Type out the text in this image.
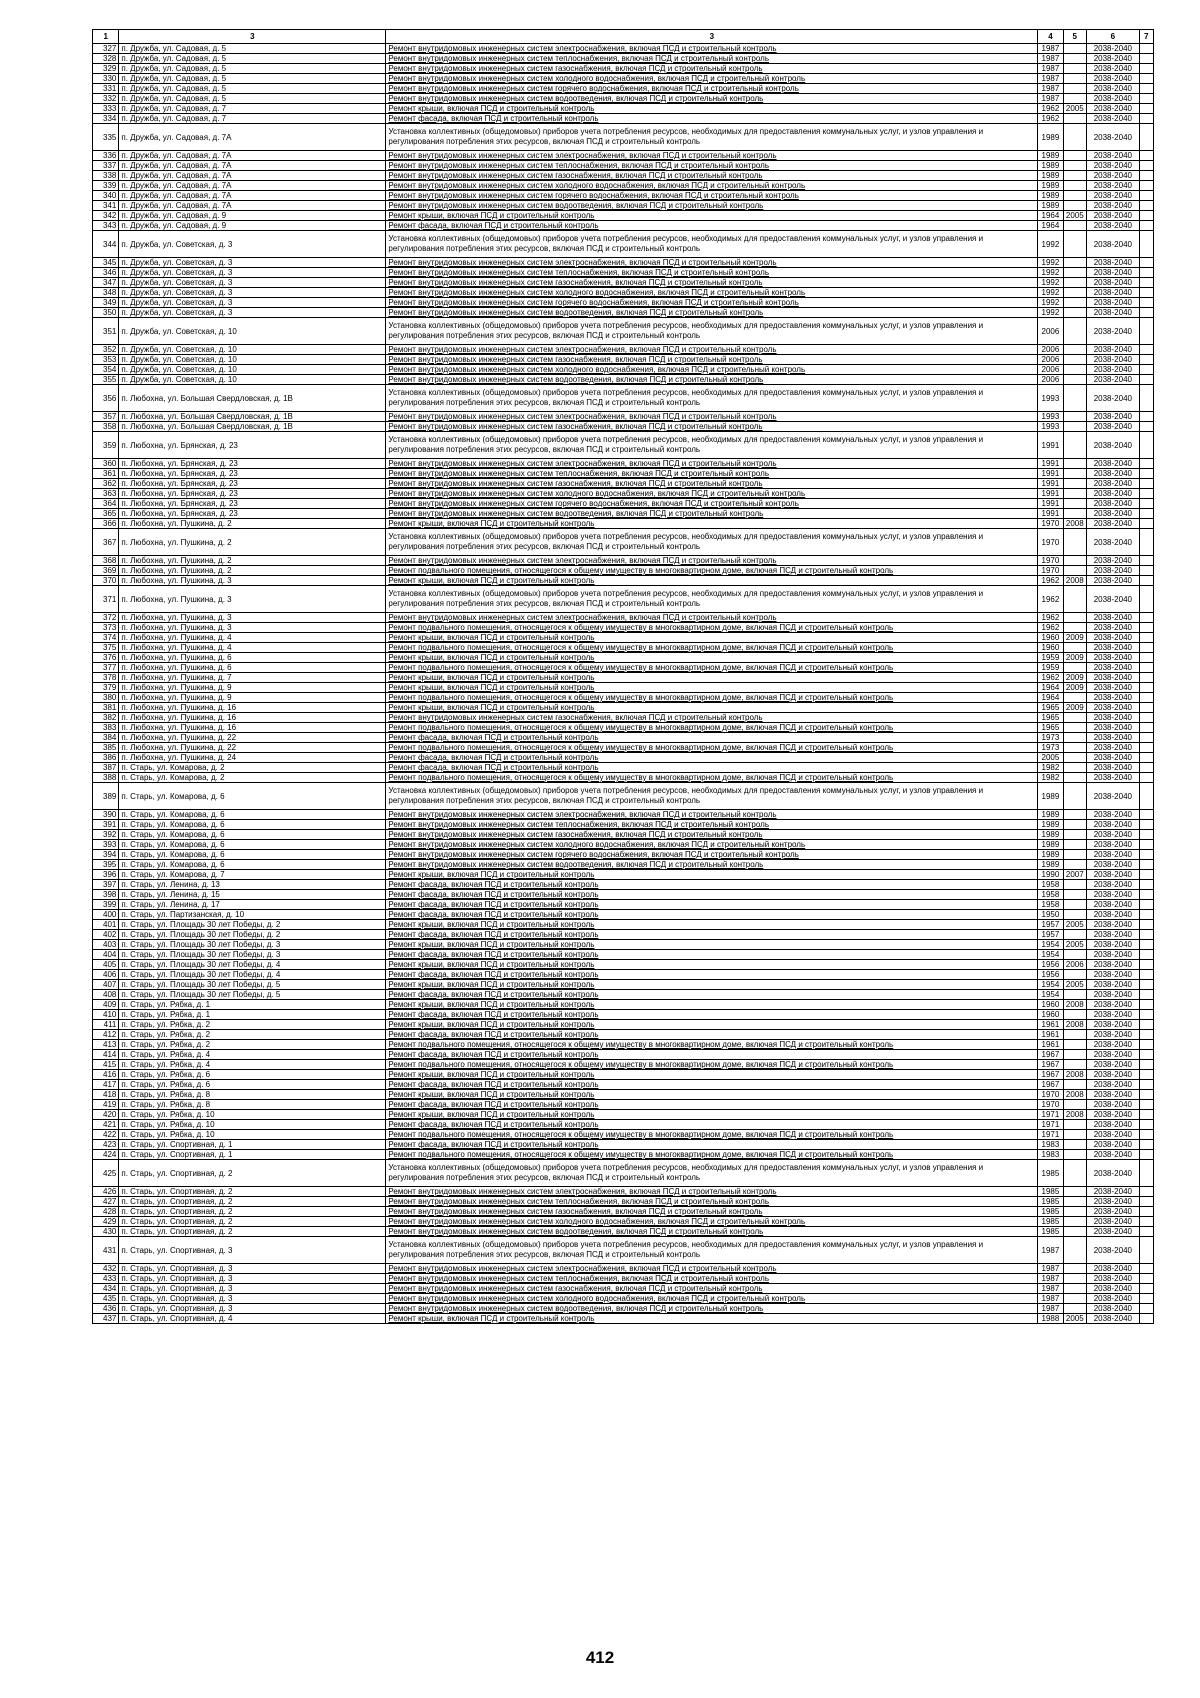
1	3	3	4	5	6	7
327	п. Дружба, ул. Садовая, д. 5	Ремонт внутридомовых инженерных систем электроснабжения, включая ПСД и строительный контроль	1987		2038-2040	
328	п. Дружба, ул. Садовая, д. 5	Ремонт внутридомовых инженерных систем теплоснабжения, включая ПСД и строительный контроль	1987		2038-2040	
329	п. Дружба, ул. Садовая, д. 5	Ремонт внутридомовых инженерных систем газоснабжения, включая ПСД и строительный контроль	1987		2038-2040	
330	п. Дружба, ул. Садовая, д. 5	Ремонт внутридомовых инженерных систем холодного водоснабжения, включая ПСД и строительный контроль	1987		2038-2040	
331	п. Дружба, ул. Садовая, д. 5	Ремонт внутридомовых инженерных систем горячего водоснабжения, включая ПСД и строительный контроль	1987		2038-2040	
332	п. Дружба, ул. Садовая, д. 5	Ремонт внутридомовых инженерных систем водоотведения, включая ПСД и строительный контроль	1987		2038-2040	
333	п. Дружба, ул. Садовая, д. 7	Ремонт крыши, включая ПСД и строительный контроль	1962	2005	2038-2040	
334	п. Дружба, ул. Садовая, д. 7	Ремонт фасада, включая ПСД и строительный контроль	1962		2038-2040	
335	п. Дружба, ул. Садовая, д. 7А	Установка коллективных (общедомовых) приборов учета потребления ресурсов, необходимых для предоставления коммунальных услуг, и узлов управления и регулирования потребления этих ресурсов, включая ПСД и строительный контроль	1989		2038-2040	
336	п. Дружба, ул. Садовая, д. 7А	Ремонт внутридомовых инженерных систем электроснабжения, включая ПСД и строительный контроль	1989		2038-2040	
337	п. Дружба, ул. Садовая, д. 7А	Ремонт внутридомовых инженерных систем теплоснабжения, включая ПСД и строительный контроль	1989		2038-2040	
338	п. Дружба, ул. Садовая, д. 7А	Ремонт внутридомовых инженерных систем газоснабжения, включая ПСД и строительный контроль	1989		2038-2040	
339	п. Дружба, ул. Садовая, д. 7А	Ремонт внутридомовых инженерных систем холодного водоснабжения, включая ПСД и строительный контроль	1989		2038-2040	
340	п. Дружба, ул. Садовая, д. 7А	Ремонт внутридомовых инженерных систем горячего водоснабжения, включая ПСД и строительный контроль	1989		2038-2040	
341	п. Дружба, ул. Садовая, д. 7А	Ремонт внутридомовых инженерных систем водоотведения, включая ПСД и строительный контроль	1989		2038-2040	
342	п. Дружба, ул. Садовая, д. 9	Ремонт крыши, включая ПСД и строительный контроль	1964	2005	2038-2040	
343	п. Дружба, ул. Садовая, д. 9	Ремонт фасада, включая ПСД и строительный контроль	1964		2038-2040	
344	п. Дружба, ул. Советская, д. 3	Установка коллективных (общедомовых) приборов учета потребления ресурсов, необходимых для предоставления коммунальных услуг, и узлов управления и регулирования потребления этих ресурсов, включая ПСД и строительный контроль	1992		2038-2040	
345	п. Дружба, ул. Советская, д. 3	Ремонт внутридомовых инженерных систем электроснабжения, включая ПСД и строительный контроль	1992		2038-2040	
346	п. Дружба, ул. Советская, д. 3	Ремонт внутридомовых инженерных систем теплоснабжения, включая ПСД и строительный контроль	1992		2038-2040	
347	п. Дружба, ул. Советская, д. 3	Ремонт внутридомовых инженерных систем газоснабжения, включая ПСД и строительный контроль	1992		2038-2040	
348	п. Дружба, ул. Советская, д. 3	Ремонт внутридомовых инженерных систем холодного водоснабжения, включая ПСД и строительный контроль	1992		2038-2040	
349	п. Дружба, ул. Советская, д. 3	Ремонт внутридомовых инженерных систем горячего водоснабжения, включая ПСД и строительный контроль	1992		2038-2040	
350	п. Дружба, ул. Советская, д. 3	Ремонт внутридомовых инженерных систем водоотведения, включая ПСД и строительный контроль	1992		2038-2040	
351	п. Дружба, ул. Советская, д. 10	Установка коллективных (общедомовых) приборов учета потребления ресурсов, необходимых для предоставления коммунальных услуг, и узлов управления и регулирования потребления этих ресурсов, включая ПСД и строительный контроль	2006		2038-2040	
352	п. Дружба, ул. Советская, д. 10	Ремонт внутридомовых инженерных систем электроснабжения, включая ПСД и строительный контроль	2006		2038-2040	
353	п. Дружба, ул. Советская, д. 10	Ремонт внутридомовых инженерных систем газоснабжения, включая ПСД и строительный контроль	2006		2038-2040	
354	п. Дружба, ул. Советская, д. 10	Ремонт внутридомовых инженерных систем холодного водоснабжения, включая ПСД и строительный контроль	2006		2038-2040	
355	п. Дружба, ул. Советская, д. 10	Ремонт внутридомовых инженерных систем водоотведения, включая ПСД и строительный контроль	2006		2038-2040	
356	п. Любохна, ул. Большая Свердловская, д. 1В	Установка коллективных (общедомовых) приборов учета потребления ресурсов, необходимых для предоставления коммунальных услуг, и узлов управления и регулирования потребления этих ресурсов, включая ПСД и строительный контроль	1993		2038-2040	
357	п. Любохна, ул. Большая Свердловская, д. 1В	Ремонт внутридомовых инженерных систем электроснабжения, включая ПСД и строительный контроль	1993		2038-2040	
358	п. Любохна, ул. Большая Свердловская, д. 1В	Ремонт внутридомовых инженерных систем газоснабжения, включая ПСД и строительный контроль	1993		2038-2040	
359	п. Любохна, ул. Брянская, д. 23	Установка коллективных (общедомовых) приборов учета потребления ресурсов, необходимых для предоставления коммунальных услуг, и узлов управления и регулирования потребления этих ресурсов, включая ПСД и строительный контроль	1991		2038-2040	
360	п. Любохна, ул. Брянская, д. 23	Ремонт внутридомовых инженерных систем электроснабжения, включая ПСД и строительный контроль	1991		2038-2040	
361	п. Любохна, ул. Брянская, д. 23	Ремонт внутридомовых инженерных систем теплоснабжения, включая ПСД и строительный контроль	1991		2038-2040	
362	п. Любохна, ул. Брянская, д. 23	Ремонт внутридомовых инженерных систем газоснабжения, включая ПСД и строительный контроль	1991		2038-2040	
363	п. Любохна, ул. Брянская, д. 23	Ремонт внутридомовых инженерных систем холодного водоснабжения, включая ПСД и строительный контроль	1991		2038-2040	
364	п. Любохна, ул. Брянская, д. 23	Ремонт внутридомовых инженерных систем горячего водоснабжения, включая ПСД и строительный контроль	1991		2038-2040	
365	п. Любохна, ул. Брянская, д. 23	Ремонт внутридомовых инженерных систем водоотведения, включая ПСД и строительный контроль	1991		2038-2040	
366	п. Любохна, ул. Пушкина, д. 2	Ремонт крыши, включая ПСД и строительный контроль	1970	2008	2038-2040	
367	п. Любохна, ул. Пушкина, д. 2	Установка коллективных (общедомовых) приборов учета потребления ресурсов, необходимых для предоставления коммунальных услуг, и узлов управления и регулирования потребления этих ресурсов, включая ПСД и строительный контроль	1970		2038-2040	
368	п. Любохна, ул. Пушкина, д. 2	Ремонт внутридомовых инженерных систем электроснабжения, включая ПСД и строительный контроль	1970		2038-2040	
369	п. Любохна, ул. Пушкина, д. 2	Ремонт подвального помещения, относящегося к общему имуществу в многоквартирном доме, включая ПСД и строительный контроль	1970		2038-2040	
370	п. Любохна, ул. Пушкина, д. 3	Ремонт крыши, включая ПСД и строительный контроль	1962	2008	2038-2040	
371	п. Любохна, ул. Пушкина, д. 3	Установка коллективных (общедомовых) приборов учета потребления ресурсов, необходимых для предоставления коммунальных услуг, и узлов управления и регулирования потребления этих ресурсов, включая ПСД и строительный контроль	1962		2038-2040	
372	п. Любохна, ул. Пушкина, д. 3	Ремонт внутридомовых инженерных систем электроснабжения, включая ПСД и строительный контроль	1962		2038-2040	
373	п. Любохна, ул. Пушкина, д. 3	Ремонт подвального помещения, относящегося к общему имуществу в многоквартирном доме, включая ПСД и строительный контроль	1962		2038-2040	
374	п. Любохна, ул. Пушкина, д. 4	Ремонт крыши, включая ПСД и строительный контроль	1960	2009	2038-2040	
375	п. Любохна, ул. Пушкина, д. 4	Ремонт подвального помещения, относящегося к общему имуществу в многоквартирном доме, включая ПСД и строительный контроль	1960		2038-2040	
376	п. Любохна, ул. Пушкина, д. 6	Ремонт крыши, включая ПСД и строительный контроль	1959	2009	2038-2040	
377	п. Любохна, ул. Пушкина, д. 6	Ремонт подвального помещения, относящегося к общему имуществу в многоквартирном доме, включая ПСД и строительный контроль	1959		2038-2040	
378	п. Любохна, ул. Пушкина, д. 7	Ремонт крыши, включая ПСД и строительный контроль	1962	2009	2038-2040	
379	п. Любохна, ул. Пушкина, д. 9	Ремонт крыши, включая ПСД и строительный контроль	1964	2009	2038-2040	
380	п. Любохна, ул. Пушкина, д. 9	Ремонт подвального помещения, относящегося к общему имуществу в многоквартирном доме, включая ПСД и строительный контроль	1964		2038-2040	
381	п. Любохна, ул. Пушкина, д. 16	Ремонт крыши, включая ПСД и строительный контроль	1965	2009	2038-2040	
382	п. Любохна, ул. Пушкина, д. 16	Ремонт внутридомовых инженерных систем газоснабжения, включая ПСД и строительный контроль	1965		2038-2040	
383	п. Любохна, ул. Пушкина, д. 16	Ремонт подвального помещения, относящегося к общему имуществу в многоквартирном доме, включая ПСД и строительный контроль	1965		2038-2040	
384	п. Любохна, ул. Пушкина, д. 22	Ремонт фасада, включая ПСД и строительный контроль	1973		2038-2040	
385	п. Любохна, ул. Пушкина, д. 22	Ремонт подвального помещения, относящегося к общему имуществу в многоквартирном доме, включая ПСД и строительный контроль	1973		2038-2040	
386	п. Любохна, ул. Пушкина, д. 24	Ремонт фасада, включая ПСД и строительный контроль	2005		2038-2040	
387	п. Старь, ул. Комарова, д. 2	Ремонт фасада, включая ПСД и строительный контроль	1982		2038-2040	
388	п. Старь, ул. Комарова, д. 2	Ремонт подвального помещения, относящегося к общему имуществу в многоквартирном доме, включая ПСД и строительный контроль	1982		2038-2040	
389	п. Старь, ул. Комарова, д. 6	Установка коллективных (общедомовых) приборов учета потребления ресурсов, необходимых для предоставления коммунальных услуг, и узлов управления и регулирования потребления этих ресурсов, включая ПСД и строительный контроль	1989		2038-2040	
390	п. Старь, ул. Комарова, д. 6	Ремонт внутридомовых инженерных систем электроснабжения, включая ПСД и строительный контроль	1989		2038-2040	
391	п. Старь, ул. Комарова, д. 6	Ремонт внутридомовых инженерных систем теплоснабжения, включая ПСД и строительный контроль	1989		2038-2040	
392	п. Старь, ул. Комарова, д. 6	Ремонт внутридомовых инженерных систем газоснабжения, включая ПСД и строительный контроль	1989		2038-2040	
393	п. Старь, ул. Комарова, д. 6	Ремонт внутридомовых инженерных систем холодного водоснабжения, включая ПСД и строительный контроль	1989		2038-2040	
394	п. Старь, ул. Комарова, д. 6	Ремонт внутридомовых инженерных систем горячего водоснабжения, включая ПСД и строительный контроль	1989		2038-2040	
395	п. Старь, ул. Комарова, д. 6	Ремонт внутридомовых инженерных систем водоотведения, включая ПСД и строительный контроль	1989		2038-2040	
396	п. Старь, ул. Комарова, д. 7	Ремонт крыши, включая ПСД и строительный контроль	1990	2007	2038-2040	
397	п. Старь, ул. Ленина, д. 13	Ремонт фасада, включая ПСД и строительный контроль	1958		2038-2040	
398	п. Старь, ул. Ленина, д. 15	Ремонт фасада, включая ПСД и строительный контроль	1958		2038-2040	
399	п. Старь, ул. Ленина, д. 17	Ремонт фасада, включая ПСД и строительный контроль	1958		2038-2040	
400	п. Старь, ул. Партизанская, д. 10	Ремонт фасада, включая ПСД и строительный контроль	1950		2038-2040	
401	п. Старь, ул. Площадь 30 лет Победы, д. 2	Ремонт крыши, включая ПСД и строительный контроль	1957	2005	2038-2040	
402	п. Старь, ул. Площадь 30 лет Победы, д. 2	Ремонт фасада, включая ПСД и строительный контроль	1957		2038-2040	
403	п. Старь, ул. Площадь 30 лет Победы, д. 3	Ремонт крыши, включая ПСД и строительный контроль	1954	2005	2038-2040	
404	п. Старь, ул. Площадь 30 лет Победы, д. 3	Ремонт фасада, включая ПСД и строительный контроль	1954		2038-2040	
405	п. Старь, ул. Площадь 30 лет Победы, д. 4	Ремонт крыши, включая ПСД и строительный контроль	1956	2006	2038-2040	
406	п. Старь, ул. Площадь 30 лет Победы, д. 4	Ремонт фасада, включая ПСД и строительный контроль	1956		2038-2040	
407	п. Старь, ул. Площадь 30 лет Победы, д. 5	Ремонт крыши, включая ПСД и строительный контроль	1954	2005	2038-2040	
408	п. Старь, ул. Площадь 30 лет Победы, д. 5	Ремонт фасада, включая ПСД и строительный контроль	1954		2038-2040	
409	п. Старь, ул. Рябка, д. 1	Ремонт крыши, включая ПСД и строительный контроль	1960	2008	2038-2040	
410	п. Старь, ул. Рябка, д. 1	Ремонт фасада, включая ПСД и строительный контроль	1960		2038-2040	
411	п. Старь, ул. Рябка, д. 2	Ремонт крыши, включая ПСД и строительный контроль	1961	2008	2038-2040	
412	п. Старь, ул. Рябка, д. 2	Ремонт фасада, включая ПСД и строительный контроль	1961		2038-2040	
413	п. Старь, ул. Рябка, д. 2	Ремонт подвального помещения, относящегося к общему имуществу в многоквартирном доме, включая ПСД и строительный контроль	1961		2038-2040	
414	п. Старь, ул. Рябка, д. 4	Ремонт фасада, включая ПСД и строительный контроль	1967		2038-2040	
415	п. Старь, ул. Рябка, д. 4	Ремонт подвального помещения, относящегося к общему имуществу в многоквартирном доме, включая ПСД и строительный контроль	1967		2038-2040	
416	п. Старь, ул. Рябка, д. 6	Ремонт крыши, включая ПСД и строительный контроль	1967	2008	2038-2040	
417	п. Старь, ул. Рябка, д. 6	Ремонт фасада, включая ПСД и строительный контроль	1967		2038-2040	
418	п. Старь, ул. Рябка, д. 8	Ремонт крыши, включая ПСД и строительный контроль	1970	2008	2038-2040	
419	п. Старь, ул. Рябка, д. 8	Ремонт фасада, включая ПСД и строительный контроль	1970		2038-2040	
420	п. Старь, ул. Рябка, д. 10	Ремонт крыши, включая ПСД и строительный контроль	1971	2008	2038-2040	
421	п. Старь, ул. Рябка, д. 10	Ремонт фасада, включая ПСД и строительный контроль	1971		2038-2040	
422	п. Старь, ул. Рябка, д. 10	Ремонт подвального помещения, относящегося к общему имуществу в многоквартирном доме, включая ПСД и строительный контроль	1971		2038-2040	
423	п. Старь, ул. Спортивная, д. 1	Ремонт фасада, включая ПСД и строительный контроль	1983		2038-2040	
424	п. Старь, ул. Спортивная, д. 1	Ремонт подвального помещения, относящегося к общему имуществу в многоквартирном доме, включая ПСД и строительный контроль	1983		2038-2040	
425	п. Старь, ул. Спортивная, д. 2	Установка коллективных (общедомовых) приборов учета потребления ресурсов, необходимых для предоставления коммунальных услуг, и узлов управления и регулирования потребления этих ресурсов, включая ПСД и строительный контроль	1985		2038-2040	
426	п. Старь, ул. Спортивная, д. 2	Ремонт внутридомовых инженерных систем электроснабжения, включая ПСД и строительный контроль	1985		2038-2040	
427	п. Старь, ул. Спортивная, д. 2	Ремонт внутридомовых инженерных систем теплоснабжения, включая ПСД и строительный контроль	1985		2038-2040	
428	п. Старь, ул. Спортивная, д. 2	Ремонт внутридомовых инженерных систем газоснабжения, включая ПСД и строительный контроль	1985		2038-2040	
429	п. Старь, ул. Спортивная, д. 2	Ремонт внутридомовых инженерных систем холодного водоснабжения, включая ПСД и строительный контроль	1985		2038-2040	
430	п. Старь, ул. Спортивная, д. 2	Ремонт внутридомовых инженерных систем водоотведения, включая ПСД и строительный контроль	1985		2038-2040	
431	п. Старь, ул. Спортивная, д. 3	Установка коллективных (общедомовых) приборов учета потребления ресурсов, необходимых для предоставления коммунальных услуг, и узлов управления и регулирования потребления этих ресурсов, включая ПСД и строительный контроль	1987		2038-2040	
432	п. Старь, ул. Спортивная, д. 3	Ремонт внутридомовых инженерных систем электроснабжения, включая ПСД и строительный контроль	1987		2038-2040	
433	п. Старь, ул. Спортивная, д. 3	Ремонт внутридомовых инженерных систем теплоснабжения, включая ПСД и строительный контроль	1987		2038-2040	
434	п. Старь, ул. Спортивная, д. 3	Ремонт внутридомовых инженерных систем газоснабжения, включая ПСД и строительный контроль	1987		2038-2040	
435	п. Старь, ул. Спортивная, д. 3	Ремонт внутридомовых инженерных систем холодного водоснабжения, включая ПСД и строительный контроль	1987		2038-2040	
436	п. Старь, ул. Спортивная, д. 3	Ремонт внутридомовых инженерных систем водоотведения, включая ПСД и строительный контроль	1987		2038-2040	
437	п. Старь, ул. Спортивная, д. 4	Ремонт крыши, включая ПСД и строительный контроль	1988	2005	2038-2040	
412
